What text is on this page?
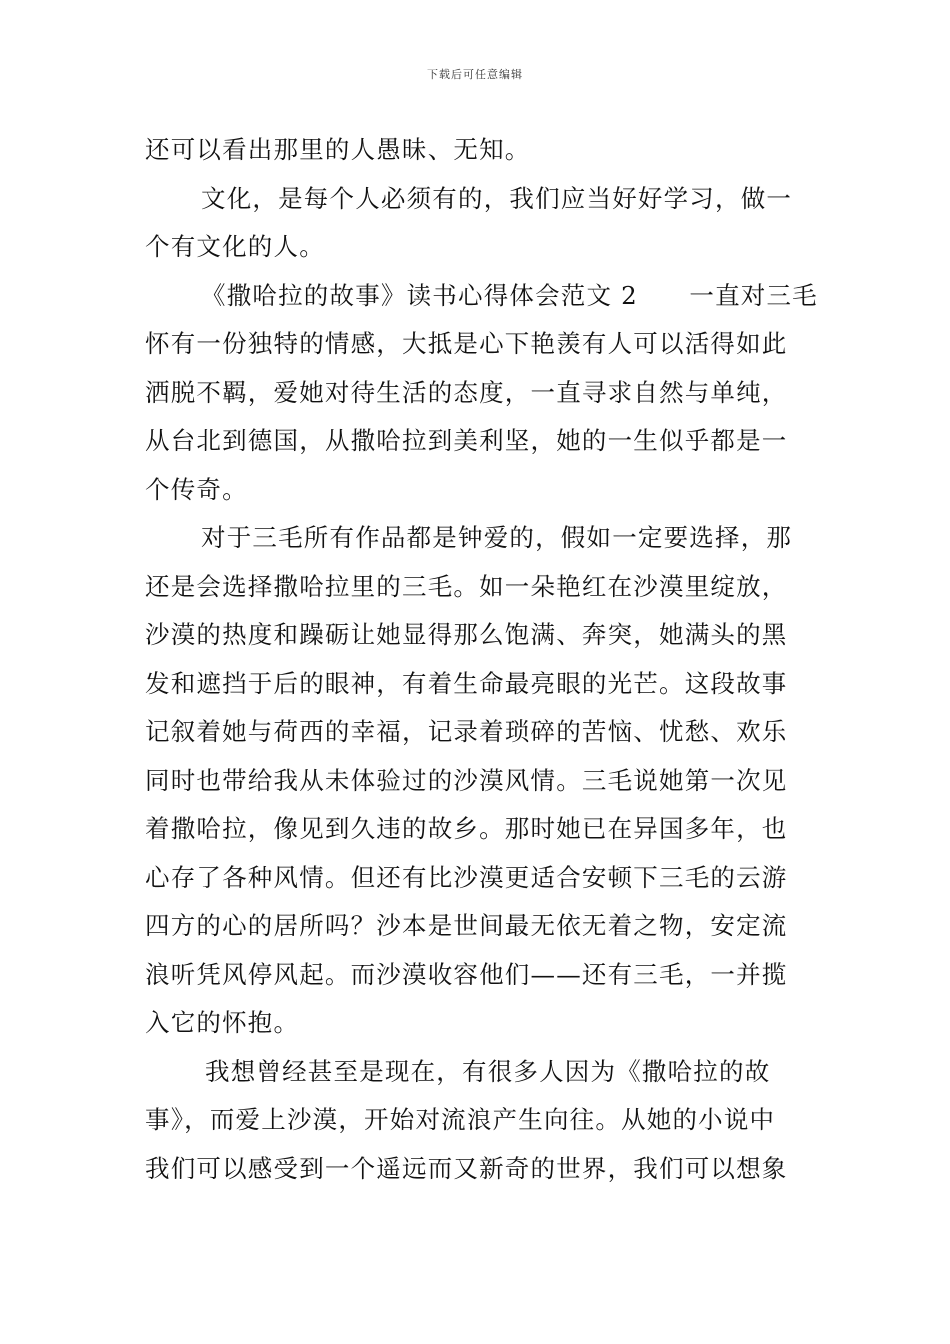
下载后可任意编辑
还可以看出那里的人愚昧、无知。
文化，是每个人必须有的，我们应当好好学习，做一
个有文化的人。
《撒哈拉的故事》读书心得体会范文 2　　一直对三毛
怀有一份独特的情感，大抵是心下艳羡有人可以活得如此
洒脱不羁，爱她对待生活的态度，一直寻求自然与单纯，
从台北到德国，从撒哈拉到美利坚，她的一生似乎都是一
个传奇。
对于三毛所有作品都是钟爱的，假如一定要选择，那
还是会选择撒哈拉里的三毛。如一朵艳红在沙漠里绽放，
沙漠的热度和躁砺让她显得那么饱满、奔突，她满头的黑
发和遮挡于后的眼神，有着生命最亮眼的光芒。这段故事
记叙着她与荷西的幸福，记录着琐碎的苦恼、忧愁、欢乐
同时也带给我从未体验过的沙漠风情。三毛说她第一次见
着撒哈拉，像见到久违的故乡。那时她已在异国多年，也
心存了各种风情。但还有比沙漠更适合安顿下三毛的云游
四方的心的居所吗？沙本是世间最无依无着之物，安定流
浪听凭风停风起。而沙漠收容他们——还有三毛，一并揽
入它的怀抱。
我想曾经甚至是现在，有很多人因为《撒哈拉的故
事》，而爱上沙漠，开始对流浪产生向往。从她的小说中
我们可以感受到一个遥远而又新奇的世界，我们可以想象
